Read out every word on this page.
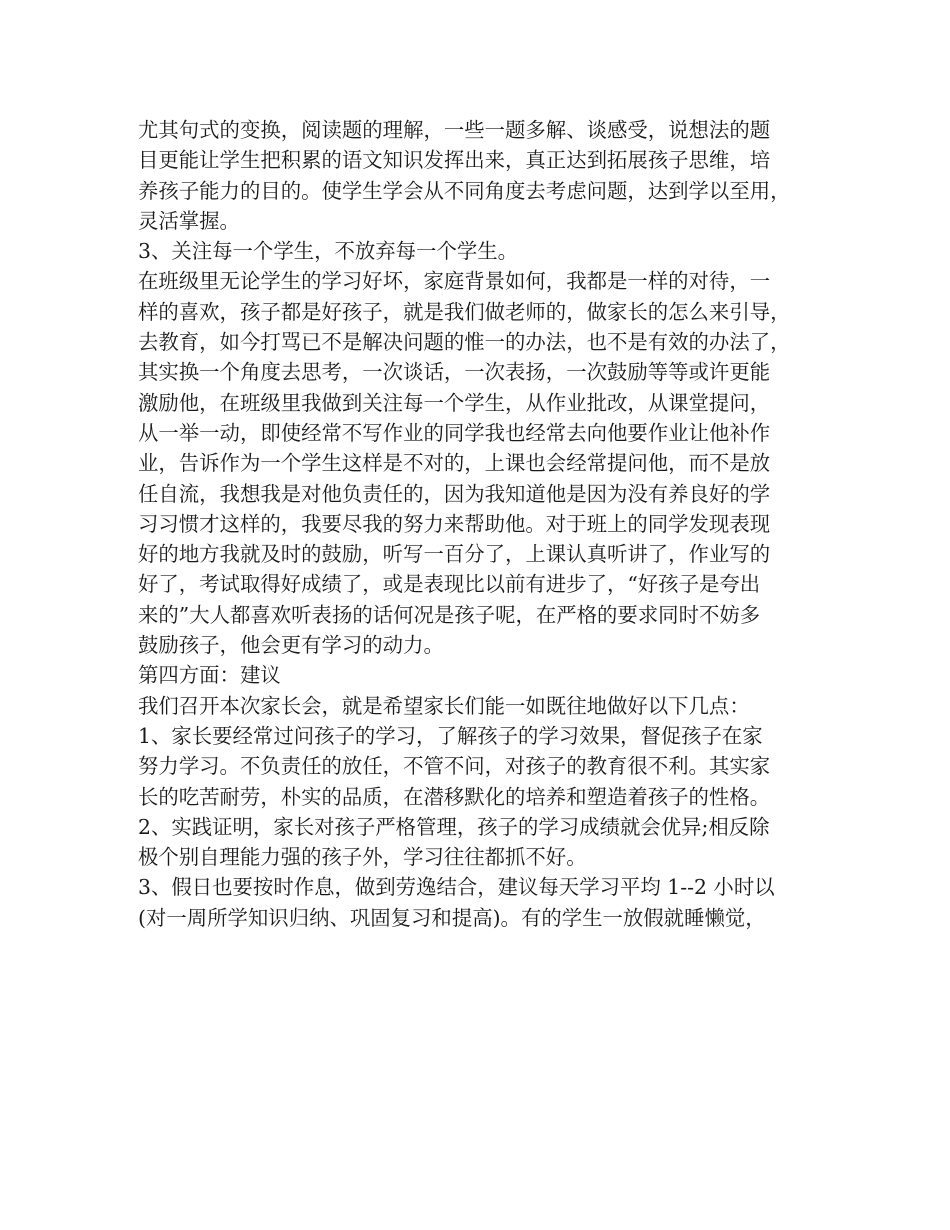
尤其句式的变换，阅读题的理解，一些一题多解、谈感受，说想法的题
目更能让学生把积累的语文知识发挥出来，真正达到拓展孩子思维，培
养孩子能力的目的。使学生学会从不同角度去考虑问题，达到学以至用，
灵活掌握。
3、关注每一个学生，不放弃每一个学生。
在班级里无论学生的学习好坏，家庭背景如何，我都是一样的对待，一
样的喜欢，孩子都是好孩子，就是我们做老师的，做家长的怎么来引导，
去教育，如今打骂已不是解决问题的惟一的办法，也不是有效的办法了，
其实换一个角度去思考，一次谈话，一次表扬，一次鼓励等等或许更能
激励他，在班级里我做到关注每一个学生，从作业批改，从课堂提问，
从一举一动，即使经常不写作业的同学我也经常去向他要作业让他补作
业，告诉作为一个学生这样是不对的，上课也会经常提问他，而不是放
任自流，我想我是对他负责任的，因为我知道他是因为没有养良好的学
习习惯才这样的，我要尽我的努力来帮助他。对于班上的同学发现表现
好的地方我就及时的鼓励，听写一百分了，上课认真听讲了，作业写的
好了，考试取得好成绩了，或是表现比以前有进步了，“好孩子是夸出
来的”大人都喜欢听表扬的话何况是孩子呢，在严格的要求同时不妨多
鼓励孩子，他会更有学习的动力。
第四方面：建议
我们召开本次家长会，就是希望家长们能一如既往地做好以下几点：
1、家长要经常过问孩子的学习，了解孩子的学习效果，督促孩子在家
努力学习。不负责任的放任，不管不问，对孩子的教育很不利。其实家
长的吃苦耐劳，朴实的品质，在潜移默化的培养和塑造着孩子的性格。
2、实践证明，家长对孩子严格管理，孩子的学习成绩就会优异;相反除
极个别自理能力强的孩子外，学习往往都抓不好。
3、假日也要按时作息，做到劳逸结合，建议每天学习平均 1--2 小时以
(对一周所学知识归纳、巩固复习和提高)。有的学生一放假就睡懒觉，
